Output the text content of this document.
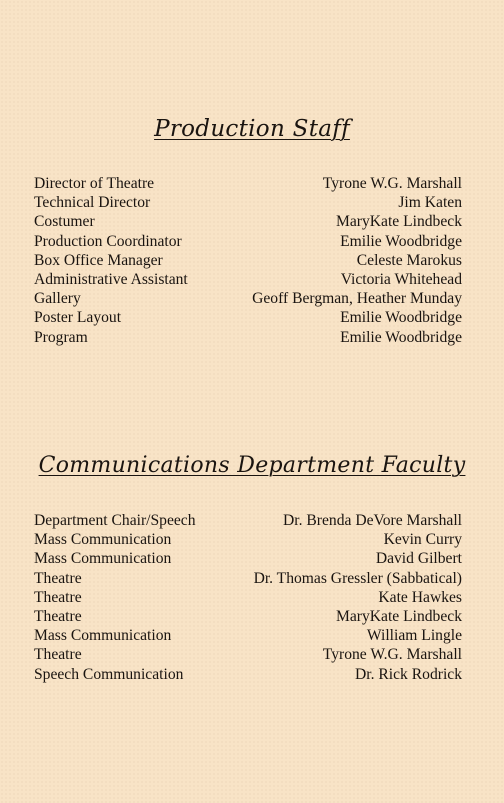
Production Staff
Director of Theatre	Tyrone W.G. Marshall
Technical Director	Jim Katen
Costumer	MaryKate Lindbeck
Production Coordinator	Emilie Woodbridge
Box Office Manager	Celeste Marokus
Administrative Assistant	Victoria Whitehead
Gallery	Geoff Bergman, Heather Munday
Poster Layout	Emilie Woodbridge
Program	Emilie Woodbridge
Communications Department Faculty
Department Chair/Speech	Dr. Brenda DeVore Marshall
Mass Communication	Kevin Curry
Mass Communication	David Gilbert
Theatre	Dr. Thomas Gressler (Sabbatical)
Theatre	Kate Hawkes
Theatre	MaryKate Lindbeck
Mass Communication	William Lingle
Theatre	Tyrone W.G. Marshall
Speech Communication	Dr. Rick Rodrick
